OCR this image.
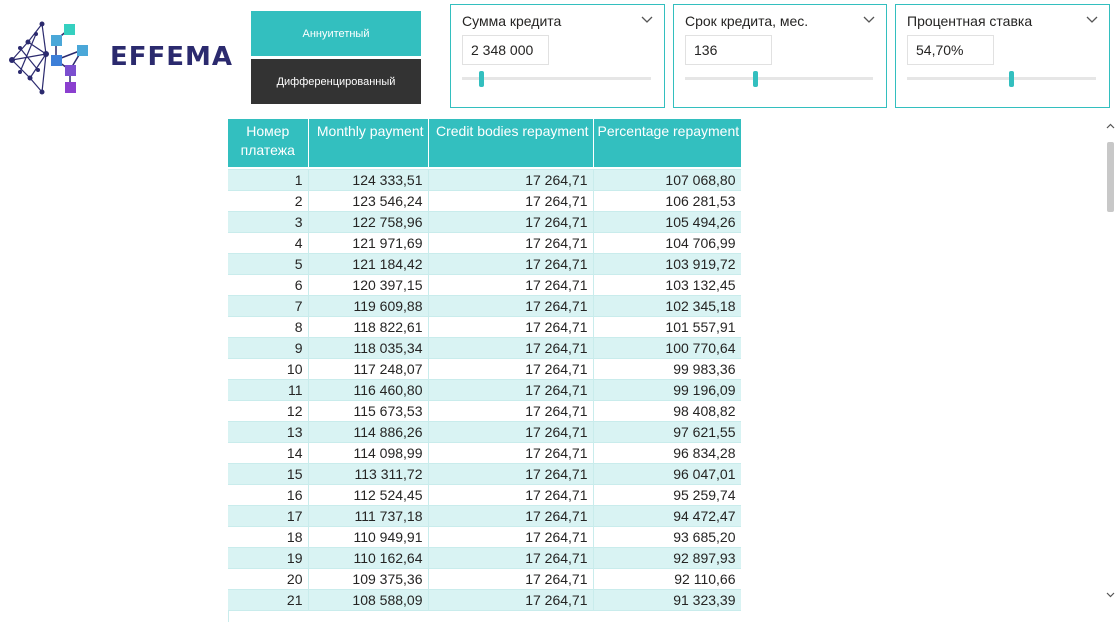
EFFEMA
Аннуитетный
Дифференцированный
Сумма кредита
2 348 000
Срок кредита, мес.
136
Процентная ставка
54,70%
Номер платежа	Monthly payment	Credit bodies repayment	Percentage repayment

1	124 333,51	17 264,71	107 068,80
2	123 546,24	17 264,71	106 281,53
3	122 758,96	17 264,71	105 494,26
4	121 971,69	17 264,71	104 706,99
5	121 184,42	17 264,71	103 919,72
6	120 397,15	17 264,71	103 132,45
7	119 609,88	17 264,71	102 345,18
8	118 822,61	17 264,71	101 557,91
9	118 035,34	17 264,71	100 770,64
10	117 248,07	17 264,71	99 983,36
11	116 460,80	17 264,71	99 196,09
12	115 673,53	17 264,71	98 408,82
13	114 886,26	17 264,71	97 621,55
14	114 098,99	17 264,71	96 834,28
15	113 311,72	17 264,71	96 047,01
16	112 524,45	17 264,71	95 259,74
17	111 737,18	17 264,71	94 472,47
18	110 949,91	17 264,71	93 685,20
19	110 162,64	17 264,71	92 897,93
20	109 375,36	17 264,71	92 110,66
21	108 588,09	17 264,71	91 323,39
